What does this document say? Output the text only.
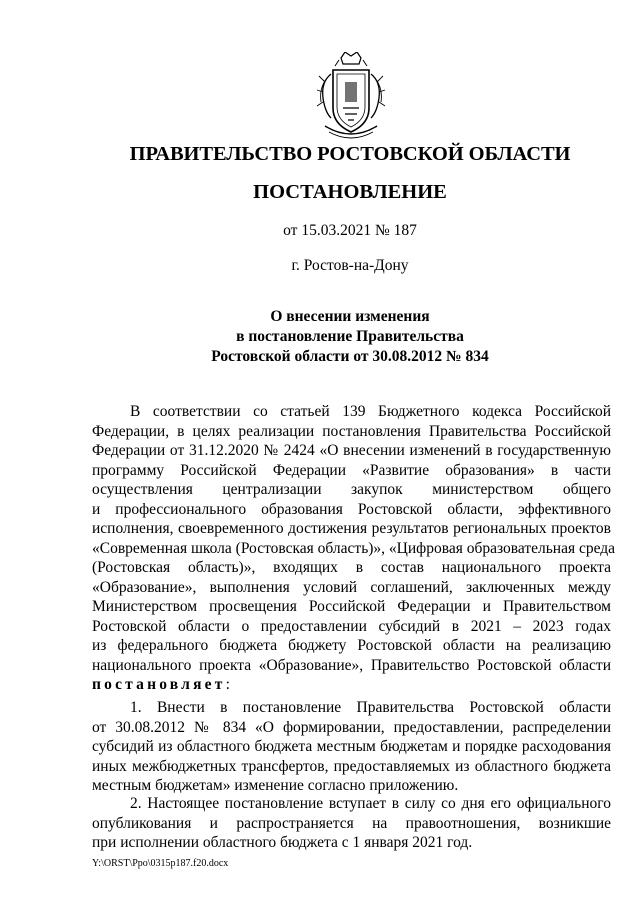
ПРАВИТЕЛЬСТВО РОСТОВСКОЙ ОБЛАСТИ
ПОСТАНОВЛЕНИЕ
от 15.03.2021 № 187
г. Ростов-на-Дону
О внесении изменения
в постановление Правительства
Ростовской области от 30.08.2012 № 834
В соответствии со статьей 139 Бюджетного кодекса Российской
Федерации, в целях реализации постановления Правительства Российской
Федерации от 31.12.2020 № 2424 «О внесении изменений в государственную
программу Российской Федерации «Развитие образования» в части
осуществления централизации закупок министерством общего
и профессионального образования Ростовской области, эффективного
исполнения, своевременного достижения результатов региональных проектов
«Современная школа (Ростовская область)», «Цифровая образовательная среда
(Ростовская область)», входящих в состав национального проекта
«Образование», выполнения условий соглашений, заключенных между
Министерством просвещения Российской Федерации и Правительством
Ростовской области о предоставлении субсидий в 2021 – 2023 годах
из федерального бюджета бюджету Ростовской области на реализацию
национального проекта «Образование», Правительство Ростовской области
постановляет:
1. Внести в постановление Правительства Ростовской области
от 30.08.2012 № 834 «О формировании, предоставлении, распределении
субсидий из областного бюджета местным бюджетам и порядке расходования
иных межбюджетных трансфертов, предоставляемых из областного бюджета
местным бюджетам» изменение согласно приложению.
2. Настоящее постановление вступает в силу со дня его официального
опубликования и распространяется на правоотношения, возникшие
при исполнении областного бюджета с 1 января 2021 год.
Y:\ORST\Ppo\0315p187.f20.docx
